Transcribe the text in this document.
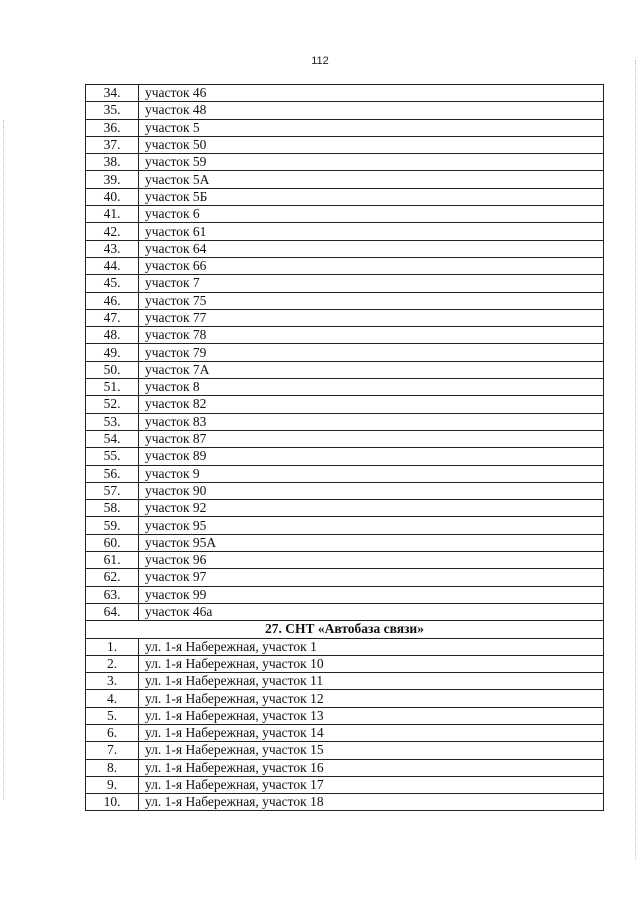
112
34.	участок 46
35.	участок 48
36.	участок 5
37.	участок 50
38.	участок 59
39.	участок 5А
40.	участок 5Б
41.	участок 6
42.	участок 61
43.	участок 64
44.	участок 66
45.	участок 7
46.	участок 75
47.	участок 77
48.	участок 78
49.	участок 79
50.	участок 7А
51.	участок 8
52.	участок 82
53.	участок 83
54.	участок 87
55.	участок 89
56.	участок 9
57.	участок 90
58.	участок 92
59.	участок 95
60.	участок 95А
61.	участок 96
62.	участок 97
63.	участок 99
64.	участок 46а
27. СНТ «Автобаза связи»	
1.	ул. 1-я Набережная, участок 1
2.	ул. 1-я Набережная, участок 10
3.	ул. 1-я Набережная, участок 11
4.	ул. 1-я Набережная, участок 12
5.	ул. 1-я Набережная, участок 13
6.	ул. 1-я Набережная, участок 14
7.	ул. 1-я Набережная, участок 15
8.	ул. 1-я Набережная, участок 16
9.	ул. 1-я Набережная, участок 17
10.	ул. 1-я Набережная, участок 18
